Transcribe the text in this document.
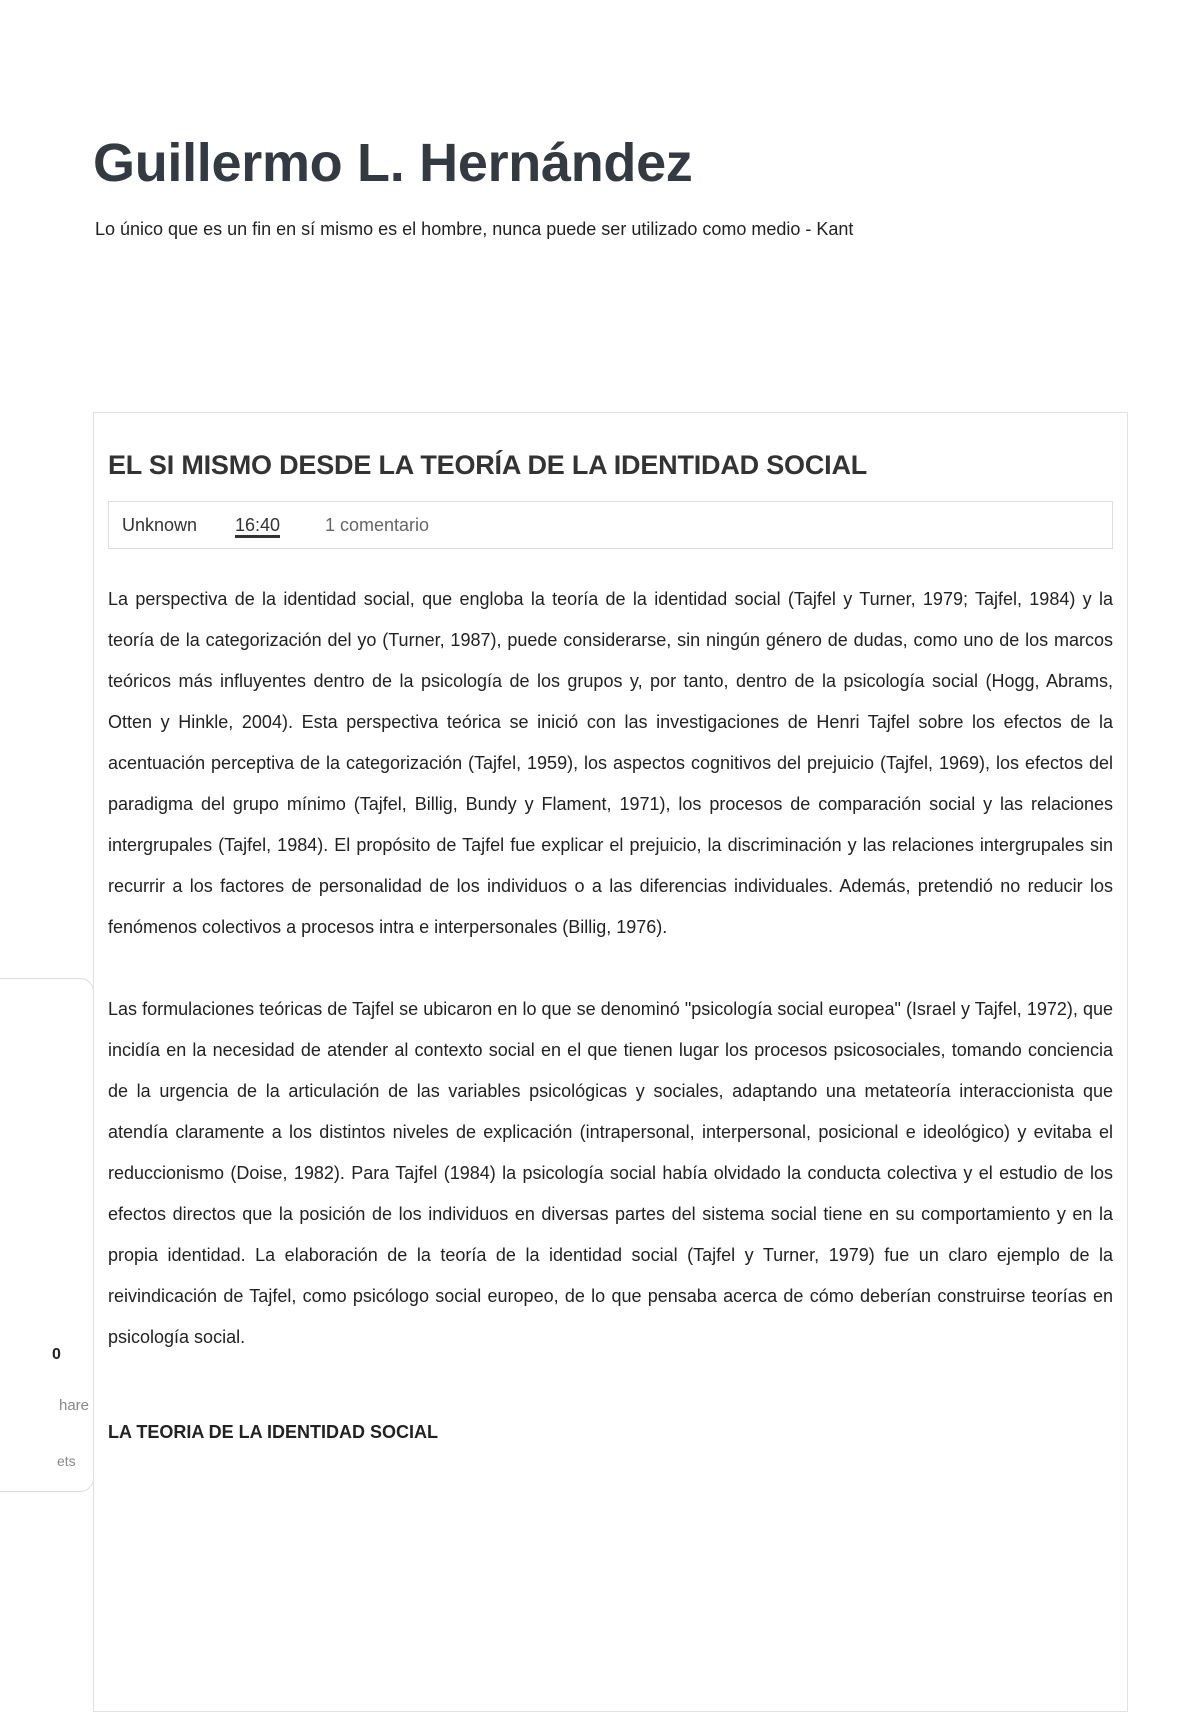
Guillermo L. Hernández

Lo único que es un fin en sí mismo es el hombre, nunca puede ser utilizado como medio - Kant

0
hare
ets
EL SI MISMO DESDE LA TEORÍA DE LA IDENTIDAD SOCIAL
Unknown 16:40 1 comentario

La perspectiva de la identidad social, que engloba la teoría de la identidad social (Tajfel y Turner, 1979; Tajfel, 1984) y la teoría de la categorización del yo (Turner, 1987), puede considerarse, sin ningún género de dudas, como uno de los marcos teóricos más influyentes dentro de la psicología de los grupos y, por tanto, dentro de la psicología social (Hogg, Abrams, Otten y Hinkle, 2004). Esta perspectiva teórica se inició con las investigaciones de Henri Tajfel sobre los efectos de la acentuación perceptiva de la categorización (Tajfel, 1959), los aspectos cognitivos del prejuicio (Tajfel, 1969), los efectos del paradigma del grupo mínimo (Tajfel, Billig, Bundy y Flament, 1971), los procesos de comparación social y las relaciones intergrupales (Tajfel, 1984). El propósito de Tajfel fue explicar el prejuicio, la discriminación y las relaciones intergrupales sin recurrir a los factores de personalidad de los individuos o a las diferencias individuales. Además, pretendió no reducir los fenómenos colectivos a procesos intra e interpersonales (Billig, 1976).

Las formulaciones teóricas de Tajfel se ubicaron en lo que se denominó "psicología social europea" (Israel y Tajfel, 1972), que incidía en la necesidad de atender al contexto social en el que tienen lugar los procesos psicosociales, tomando conciencia de la urgencia de la articulación de las variables psicológicas y sociales, adaptando una metateoría interaccionista que atendía claramente a los distintos niveles de explicación (intrapersonal, interpersonal, posicional e ideológico) y evitaba el reduccionismo (Doise, 1982). Para Tajfel (1984) la psicología social había olvidado la conducta colectiva y el estudio de los efectos directos que la posición de los individuos en diversas partes del sistema social tiene en su comportamiento y en la propia identidad. La elaboración de la teoría de la identidad social (Tajfel y Turner, 1979) fue un claro ejemplo de la reivindicación de Tajfel, como psicólogo social europeo, de lo que pensaba acerca de cómo deberían construirse teorías en psicología social.

LA TEORIA DE LA IDENTIDAD SOCIAL
